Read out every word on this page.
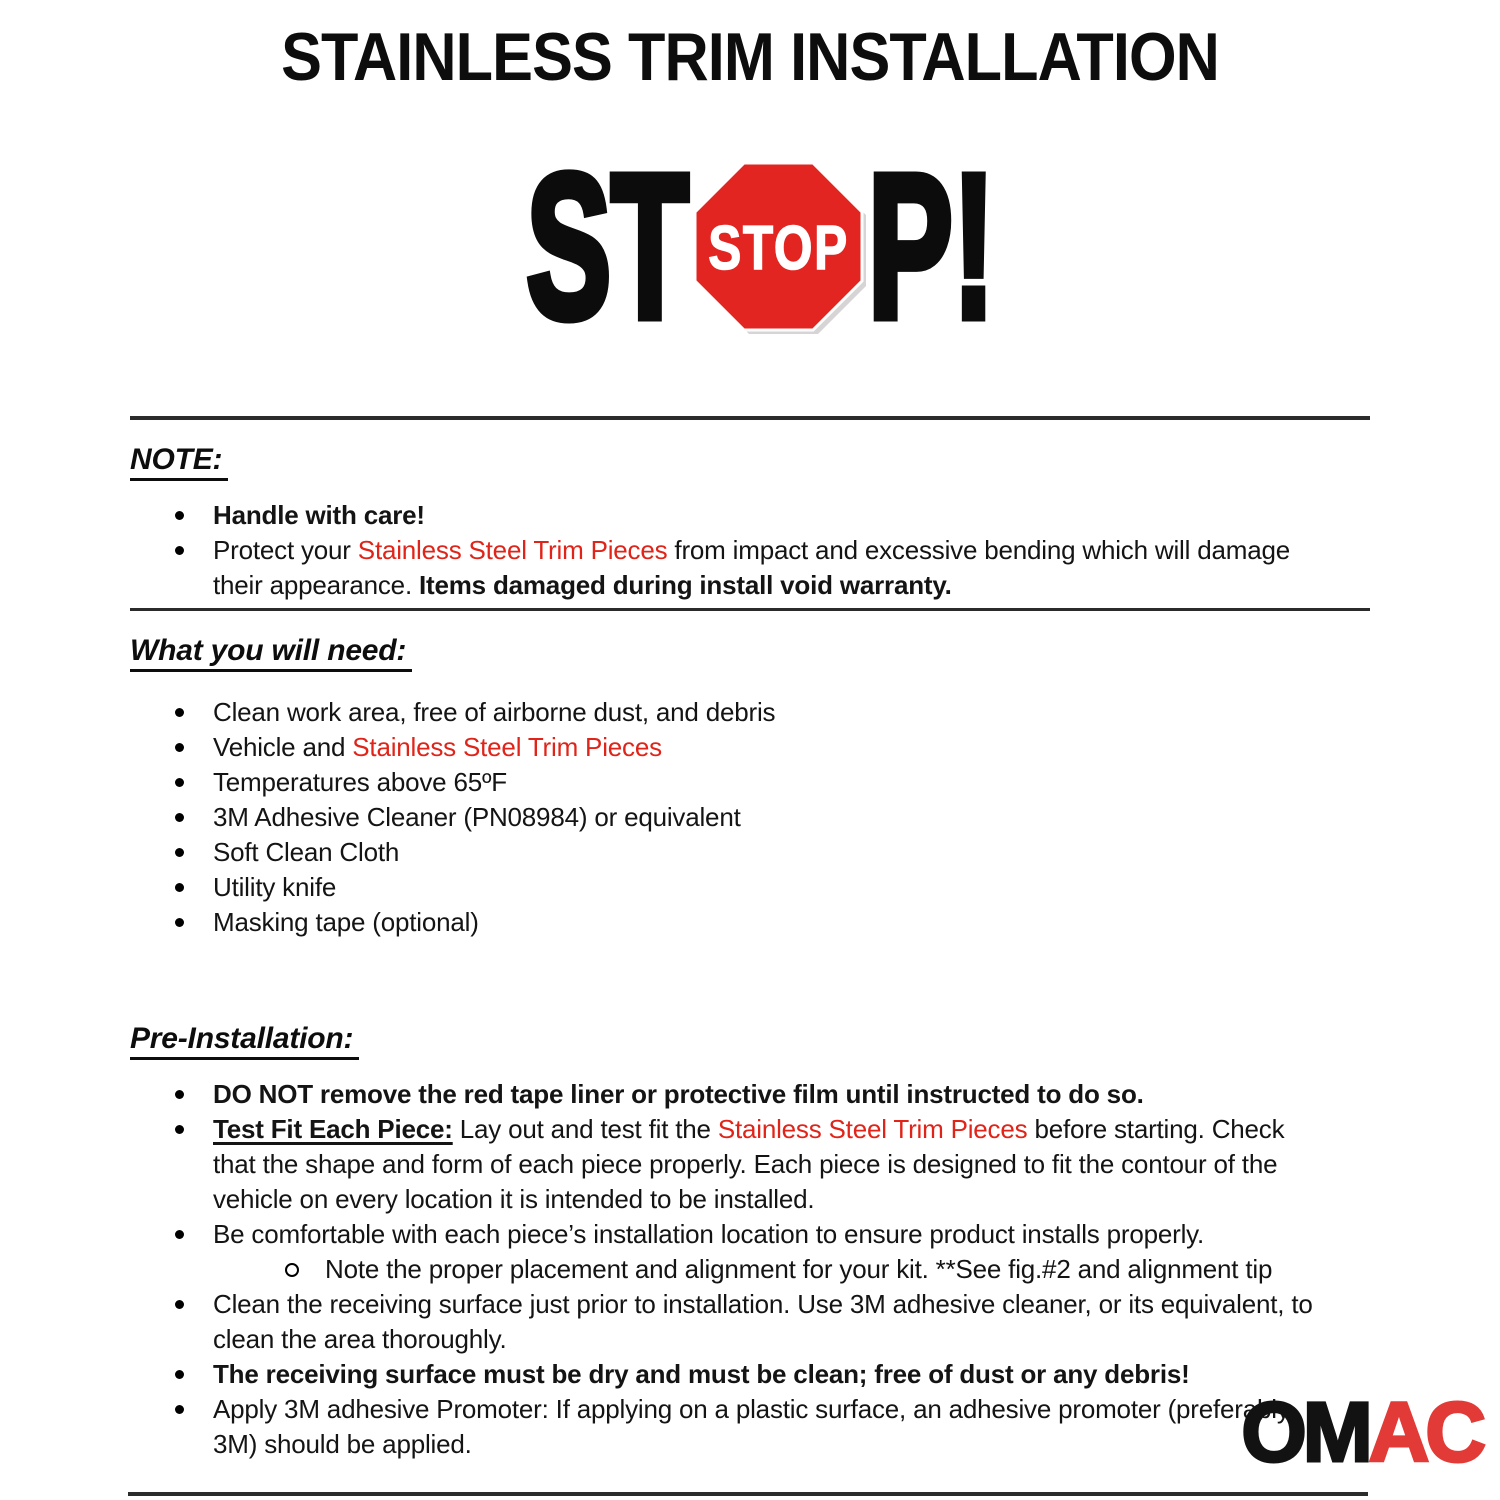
STAINLESS TRIM INSTALLATION
ST STOP P!
NOTE:
Handle with care!
Protect your Stainless Steel Trim Pieces from impact and excessive bending which will damage their appearance. Items damaged during install void warranty.
What you will need:
Clean work area, free of airborne dust, and debris
Vehicle and Stainless Steel Trim Pieces
Temperatures above 65ºF
3M Adhesive Cleaner (PN08984) or equivalent
Soft Clean Cloth
Utility knife
Masking tape (optional)
Pre-Installation:
DO NOT remove the red tape liner or protective film until instructed to do so.
Test Fit Each Piece: Lay out and test fit the Stainless Steel Trim Pieces before starting. Check that the shape and form of each piece properly. Each piece is designed to fit the contour of the vehicle on every location it is intended to be installed.
Be comfortable with each piece’s installation location to ensure product installs properly.
Note the proper placement and alignment for your kit. **See fig.#2 and alignment tip
Clean the receiving surface just prior to installation. Use 3M adhesive cleaner, or its equivalent, to clean the area thoroughly.
The receiving surface must be dry and must be clean; free of dust or any debris!
Apply 3M adhesive Promoter: If applying on a plastic surface, an adhesive promoter (preferably 3M) should be applied.	OMAC
